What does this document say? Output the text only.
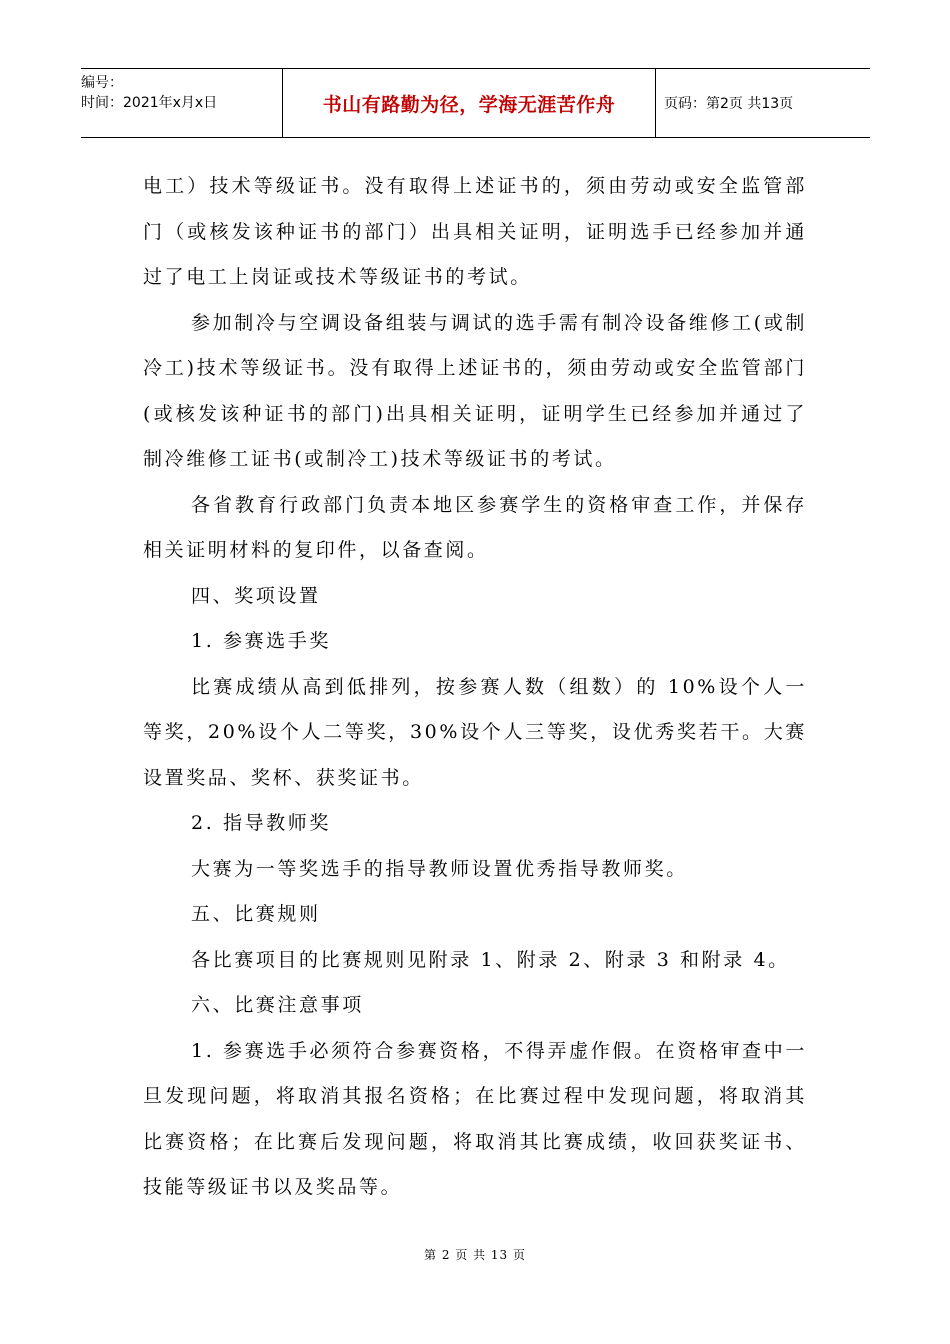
编号：
时间：2021年x月x日	书山有路勤为径，学海无涯苦作舟	页码：第2页 共13页

电工）技术等级证书。没有取得上述证书的，须由劳动或安全监管部门（或核发该种证书的部门）出具相关证明，证明选手已经参加并通过了电工上岗证或技术等级证书的考试。

参加制冷与空调设备组装与调试的选手需有制冷设备维修工(或制冷工)技术等级证书。没有取得上述证书的，须由劳动或安全监管部门(或核发该种证书的部门)出具相关证明，证明学生已经参加并通过了制冷维修工证书(或制冷工)技术等级证书的考试。

各省教育行政部门负责本地区参赛学生的资格审查工作，并保存相关证明材料的复印件，以备查阅。

四、奖项设置

1. 参赛选手奖

比赛成绩从高到低排列，按参赛人数（组数）的 10%设个人一等奖，20%设个人二等奖，30%设个人三等奖，设优秀奖若干。大赛设置奖品、奖杯、获奖证书。

2. 指导教师奖

大赛为一等奖选手的指导教师设置优秀指导教师奖。

五、比赛规则

各比赛项目的比赛规则见附录 1、附录 2、附录 3 和附录 4。

六、比赛注意事项

1. 参赛选手必须符合参赛资格，不得弄虚作假。在资格审查中一旦发现问题，将取消其报名资格；在比赛过程中发现问题，将取消其比赛资格；在比赛后发现问题，将取消其比赛成绩，收回获奖证书、技能等级证书以及奖品等。

第 2 页 共 13 页
